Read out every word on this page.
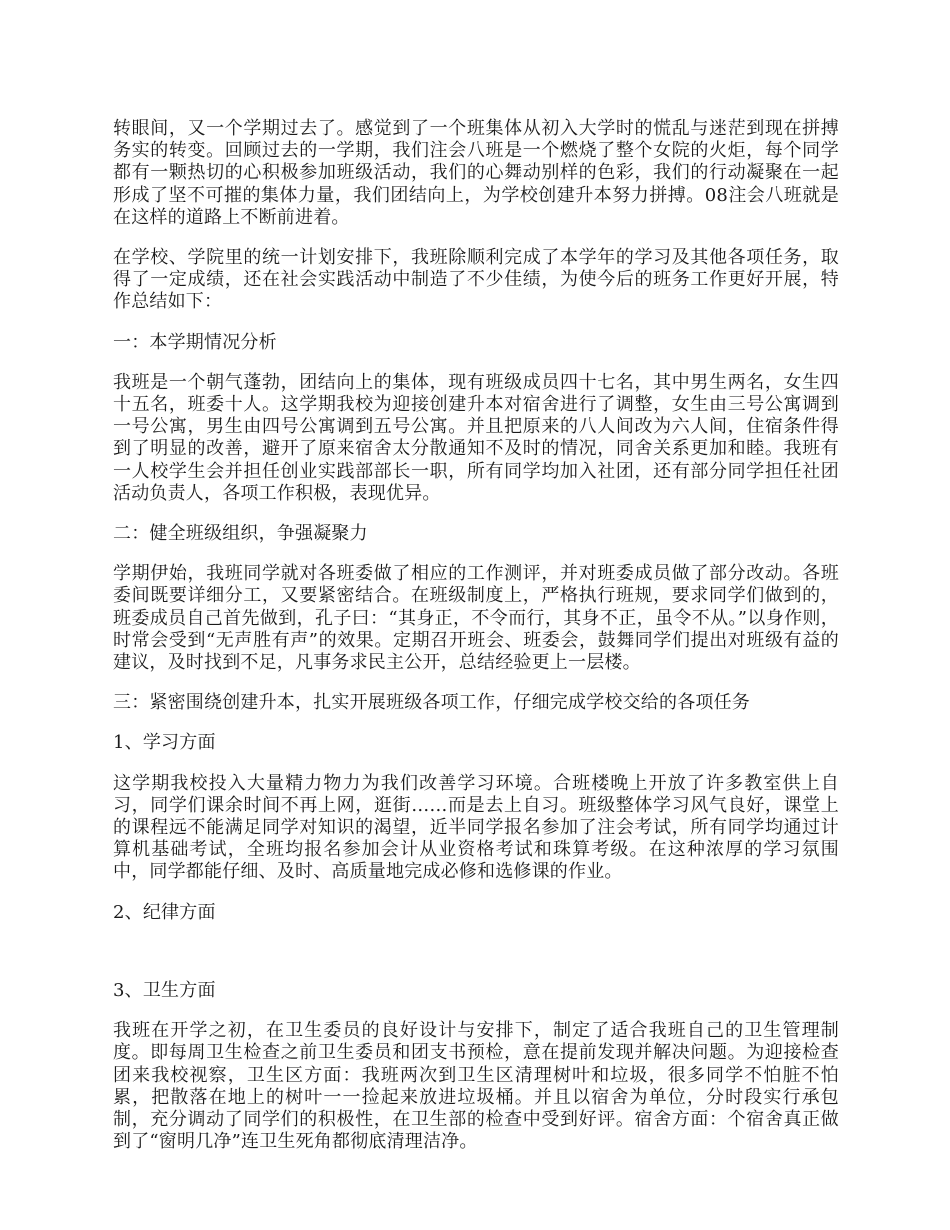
转眼间，又一个学期过去了。感觉到了一个班集体从初入大学时的慌乱与迷茫到现在拼搏务实的转变。回顾过去的一学期，我们注会八班是一个燃烧了整个女院的火炬，每个同学都有一颗热切的心积极参加班级活动，我们的心舞动别样的色彩，我们的行动凝聚在一起形成了坚不可摧的集体力量，我们团结向上，为学校创建升本努力拼搏。08注会八班就是在这样的道路上不断前进着。

在学校、学院里的统一计划安排下，我班除顺利完成了本学年的学习及其他各项任务，取得了一定成绩，还在社会实践活动中制造了不少佳绩，为使今后的班务工作更好开展，特作总结如下：

一：本学期情况分析

我班是一个朝气蓬勃，团结向上的集体，现有班级成员四十七名，其中男生两名，女生四十五名，班委十人。这学期我校为迎接创建升本对宿舍进行了调整，女生由三号公寓调到一号公寓，男生由四号公寓调到五号公寓。并且把原来的八人间改为六人间，住宿条件得到了明显的改善，避开了原来宿舍太分散通知不及时的情况，同舍关系更加和睦。我班有一人校学生会并担任创业实践部部长一职，所有同学均加入社团，还有部分同学担任社团活动负责人，各项工作积极，表现优异。

二：健全班级组织，争强凝聚力

学期伊始，我班同学就对各班委做了相应的工作测评，并对班委成员做了部分改动。各班委间既要详细分工，又要紧密结合。在班级制度上，严格执行班规，要求同学们做到的，班委成员自己首先做到，孔子曰：“其身正，不令而行，其身不正，虽令不从。”以身作则，时常会受到“无声胜有声”的效果。定期召开班会、班委会，鼓舞同学们提出对班级有益的建议，及时找到不足，凡事务求民主公开，总结经验更上一层楼。

三：紧密围绕创建升本，扎实开展班级各项工作，仔细完成学校交给的各项任务

1、学习方面

这学期我校投入大量精力物力为我们改善学习环境。合班楼晚上开放了许多教室供上自习，同学们课余时间不再上网，逛街……而是去上自习。班级整体学习风气良好，课堂上的课程远不能满足同学对知识的渴望，近半同学报名参加了注会考试，所有同学均通过计算机基础考试，全班均报名参加会计从业资格考试和珠算考级。在这种浓厚的学习氛围中，同学都能仔细、及时、高质量地完成必修和选修课的作业。

2、纪律方面

3、卫生方面

我班在开学之初，在卫生委员的良好设计与安排下，制定了适合我班自己的卫生管理制度。即每周卫生检查之前卫生委员和团支书预检，意在提前发现并解决问题。为迎接检查团来我校视察，卫生区方面：我班两次到卫生区清理树叶和垃圾，很多同学不怕脏不怕累，把散落在地上的树叶一一捡起来放进垃圾桶。并且以宿舍为单位，分时段实行承包制，充分调动了同学们的积极性，在卫生部的检查中受到好评。宿舍方面：个宿舍真正做到了“窗明几净”连卫生死角都彻底清理洁净。
